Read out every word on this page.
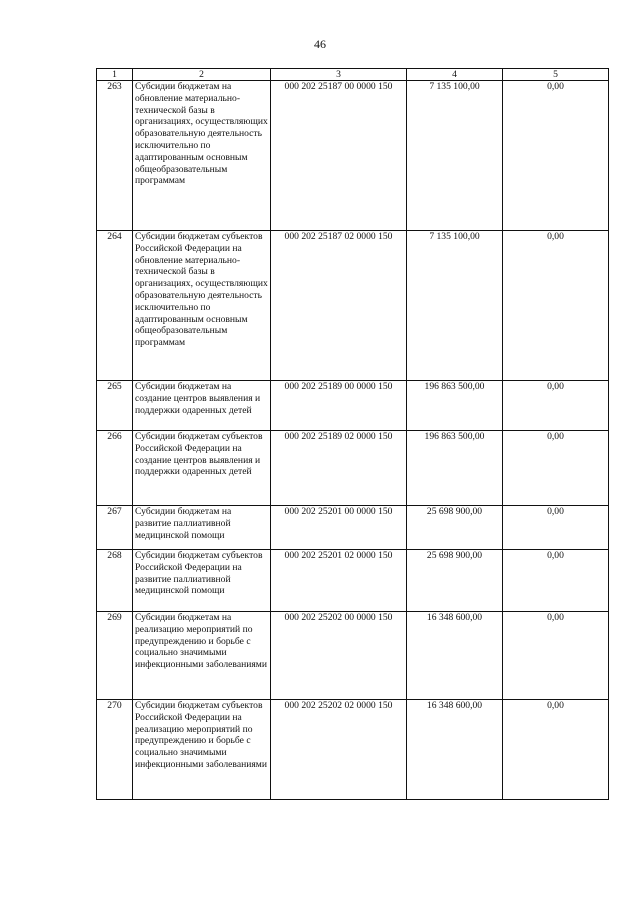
46
1	2	3	4	5
263	Субсидии бюджетам на обновление материально-технической базы в организациях, осуществляющих образовательную деятельность исключительно по адаптированным основным общеобразовательным программам	000 202 25187 00 0000 150	7 135 100,00	0,00
264	Субсидии бюджетам субъектов Российской Федерации на обновление материально-технической базы в организациях, осуществляющих образовательную деятельность исключительно по адаптированным основным общеобразовательным программам	000 202 25187 02 0000 150	7 135 100,00	0,00
265	Субсидии бюджетам на создание центров выявления и поддержки одаренных детей	000 202 25189 00 0000 150	196 863 500,00	0,00
266	Субсидии бюджетам субъектов Российской Федерации на создание центров выявления и поддержки одаренных детей	000 202 25189 02 0000 150	196 863 500,00	0,00
267	Субсидии бюджетам на развитие паллиативной медицинской помощи	000 202 25201 00 0000 150	25 698 900,00	0,00
268	Субсидии бюджетам субъектов Российской Федерации на развитие паллиативной медицинской помощи	000 202 25201 02 0000 150	25 698 900,00	0,00
269	Субсидии бюджетам на реализацию мероприятий по предупреждению и борьбе с социально значимыми инфекционными заболеваниями	000 202 25202 00 0000 150	16 348 600,00	0,00
270	Субсидии бюджетам субъектов Российской Федерации на реализацию мероприятий по предупреждению и борьбе с социально значимыми инфекционными заболеваниями	000 202 25202 02 0000 150	16 348 600,00	0,00
